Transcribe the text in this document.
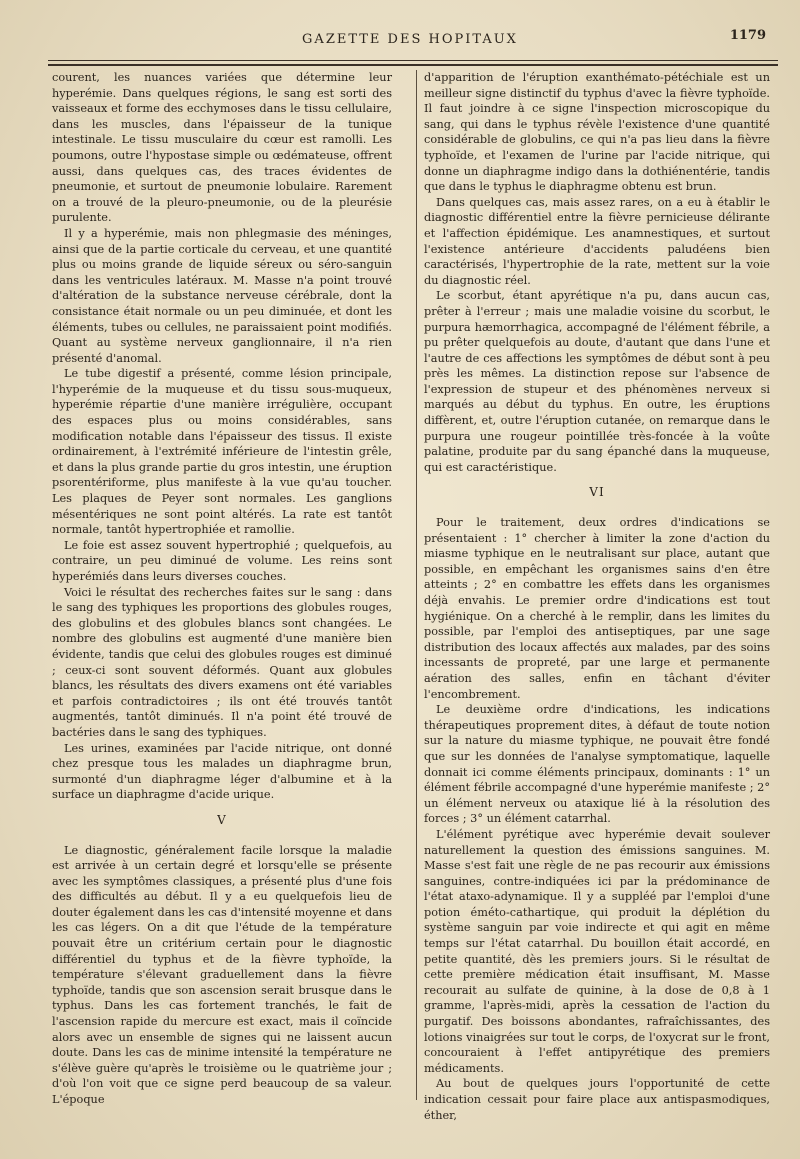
GAZETTE DES HOPITAUX	1179

courent, les nuances variées que détermine leur hyperémie. Dans quelques régions, le sang est sorti des vaisseaux et forme des ecchymoses dans le tissu cellulaire, dans les muscles, dans l'épaisseur de la tunique intestinale. Le tissu musculaire du cœur est ramolli. Les poumons, outre l'hypostase simple ou œdémateuse, offrent aussi, dans quelques cas, des traces évidentes de pneumonie, et surtout de pneumonie lobulaire. Rarement on a trouvé de la pleuro-pneumonie, ou de la pleurésie purulente.

Il y a hyperémie, mais non phlegmasie des méninges, ainsi que de la partie corticale du cerveau, et une quantité plus ou moins grande de liquide séreux ou séro-sanguin dans les ventricules latéraux. M. Masse n'a point trouvé d'altération de la substance nerveuse cérébrale, dont la consistance était normale ou un peu diminuée, et dont les éléments, tubes ou cellules, ne paraissaient point modifiés. Quant au système nerveux ganglionnaire, il n'a rien présenté d'anomal.

Le tube digestif a présenté, comme lésion principale, l'hyperémie de la muqueuse et du tissu sous-muqueux, hyperémie répartie d'une manière irrégulière, occupant des espaces plus ou moins considérables, sans modification notable dans l'épaisseur des tissus. Il existe ordinairement, à l'extrémité inférieure de l'intestin grêle, et dans la plus grande partie du gros intestin, une éruption psorentériforme, plus manifeste à la vue qu'au toucher. Les plaques de Peyer sont normales. Les ganglions mésentériques ne sont point altérés. La rate est tantôt normale, tantôt hypertrophiée et ramollie.

Le foie est assez souvent hypertrophié ; quelquefois, au contraire, un peu diminué de volume. Les reins sont hyperémiés dans leurs diverses couches.

Voici le résultat des recherches faites sur le sang : dans le sang des typhiques les proportions des globules rouges, des globulins et des globules blancs sont changées. Le nombre des globulins est augmenté d'une manière bien évidente, tandis que celui des globules rouges est diminué ; ceux-ci sont souvent déformés. Quant aux globules blancs, les résultats des divers examens ont été variables et parfois contradictoires ; ils ont été trouvés tantôt augmentés, tantôt diminués. Il n'a point été trouvé de bactéries dans le sang des typhiques.

Les urines, examinées par l'acide nitrique, ont donné chez presque tous les malades un diaphragme brun, surmonté d'un diaphragme léger d'albumine et à la surface un diaphragme d'acide urique.

V

Le diagnostic, généralement facile lorsque la maladie est arrivée à un certain degré et lorsqu'elle se présente avec les symptômes classiques, a présenté plus d'une fois des difficultés au début. Il y a eu quelquefois lieu de douter également dans les cas d'intensité moyenne et dans les cas légers. On a dit que l'étude de la température pouvait être un critérium certain pour le diagnostic différentiel du typhus et de la fièvre typhoïde, la température s'élevant graduellement dans la fièvre typhoïde, tandis que son ascension serait brusque dans le typhus. Dans les cas fortement tranchés, le fait de l'ascension rapide du mercure est exact, mais il coïncide alors avec un ensemble de signes qui ne laissent aucun doute. Dans les cas de minime intensité la température ne s'élève guère qu'après le troisième ou le quatrième jour ; d'où l'on voit que ce signe perd beaucoup de sa valeur. L'époque

d'apparition de l'éruption exanthémato-pétéchiale est un meilleur signe distinctif du typhus d'avec la fièvre typhoïde. Il faut joindre à ce signe l'inspection microscopique du sang, qui dans le typhus révèle l'existence d'une quantité considérable de globulins, ce qui n'a pas lieu dans la fièvre typhoïde, et l'examen de l'urine par l'acide nitrique, qui donne un diaphragme indigo dans la dothiénentérie, tandis que dans le typhus le diaphragme obtenu est brun.

Dans quelques cas, mais assez rares, on a eu à établir le diagnostic différentiel entre la fièvre pernicieuse délirante et l'affection épidémique. Les anamnestiques, et surtout l'existence antérieure d'accidents paludéens bien caractérisés, l'hypertrophie de la rate, mettent sur la voie du diagnostic réel.

Le scorbut, étant apyrétique n'a pu, dans aucun cas, prêter à l'erreur ; mais une maladie voisine du scorbut, le purpura hæmorrhagica, accompagné de l'élément fébrile, a pu prêter quelquefois au doute, d'autant que dans l'une et l'autre de ces affections les symptômes de début sont à peu près les mêmes. La distinction repose sur l'absence de l'expression de stupeur et des phénomènes nerveux si marqués au début du typhus. En outre, les éruptions diffèrent, et, outre l'éruption cutanée, on remarque dans le purpura une rougeur pointillée très-foncée à la voûte palatine, produite par du sang épanché dans la muqueuse, qui est caractéristique.

VI

Pour le traitement, deux ordres d'indications se présentaient : 1° chercher à limiter la zone d'action du miasme typhique en le neutralisant sur place, autant que possible, en empêchant les organismes sains d'en être atteints ; 2° en combattre les effets dans les organismes déjà envahis. Le premier ordre d'indications est tout hygiénique. On a cherché à le remplir, dans les limites du possible, par l'emploi des antiseptiques, par une sage distribution des locaux affectés aux malades, par des soins incessants de propreté, par une large et permanente aération des salles, enfin en tâchant d'éviter l'encombrement.

Le deuxième ordre d'indications, les indications thérapeutiques proprement dites, à défaut de toute notion sur la nature du miasme typhique, ne pouvait être fondé que sur les données de l'analyse symptomatique, laquelle donnait ici comme éléments principaux, dominants : 1° un élément fébrile accompagné d'une hyperémie manifeste ; 2° un élément nerveux ou ataxique lié à la résolution des forces ; 3° un élément catarrhal.

L'élément pyrétique avec hyperémie devait soulever naturellement la question des émissions sanguines. M. Masse s'est fait une règle de ne pas recourir aux émissions sanguines, contre-indiquées ici par la prédominance de l'état ataxo-adynamique. Il y a suppléé par l'emploi d'une potion éméto-cathartique, qui produit la déplétion du système sanguin par voie indirecte et qui agit en même temps sur l'état catarrhal. Du bouillon était accordé, en petite quantité, dès les premiers jours. Si le résultat de cette première médication était insuffisant, M. Masse recourait au sulfate de quinine, à la dose de 0,8 à 1 gramme, l'après-midi, après la cessation de l'action du purgatif. Des boissons abondantes, rafraîchissantes, des lotions vinaigrées sur tout le corps, de l'oxycrat sur le front, concouraient à l'effet antipyrétique des premiers médicaments.

Au bout de quelques jours l'opportunité de cette indication cessait pour faire place aux antispasmodiques, éther,
